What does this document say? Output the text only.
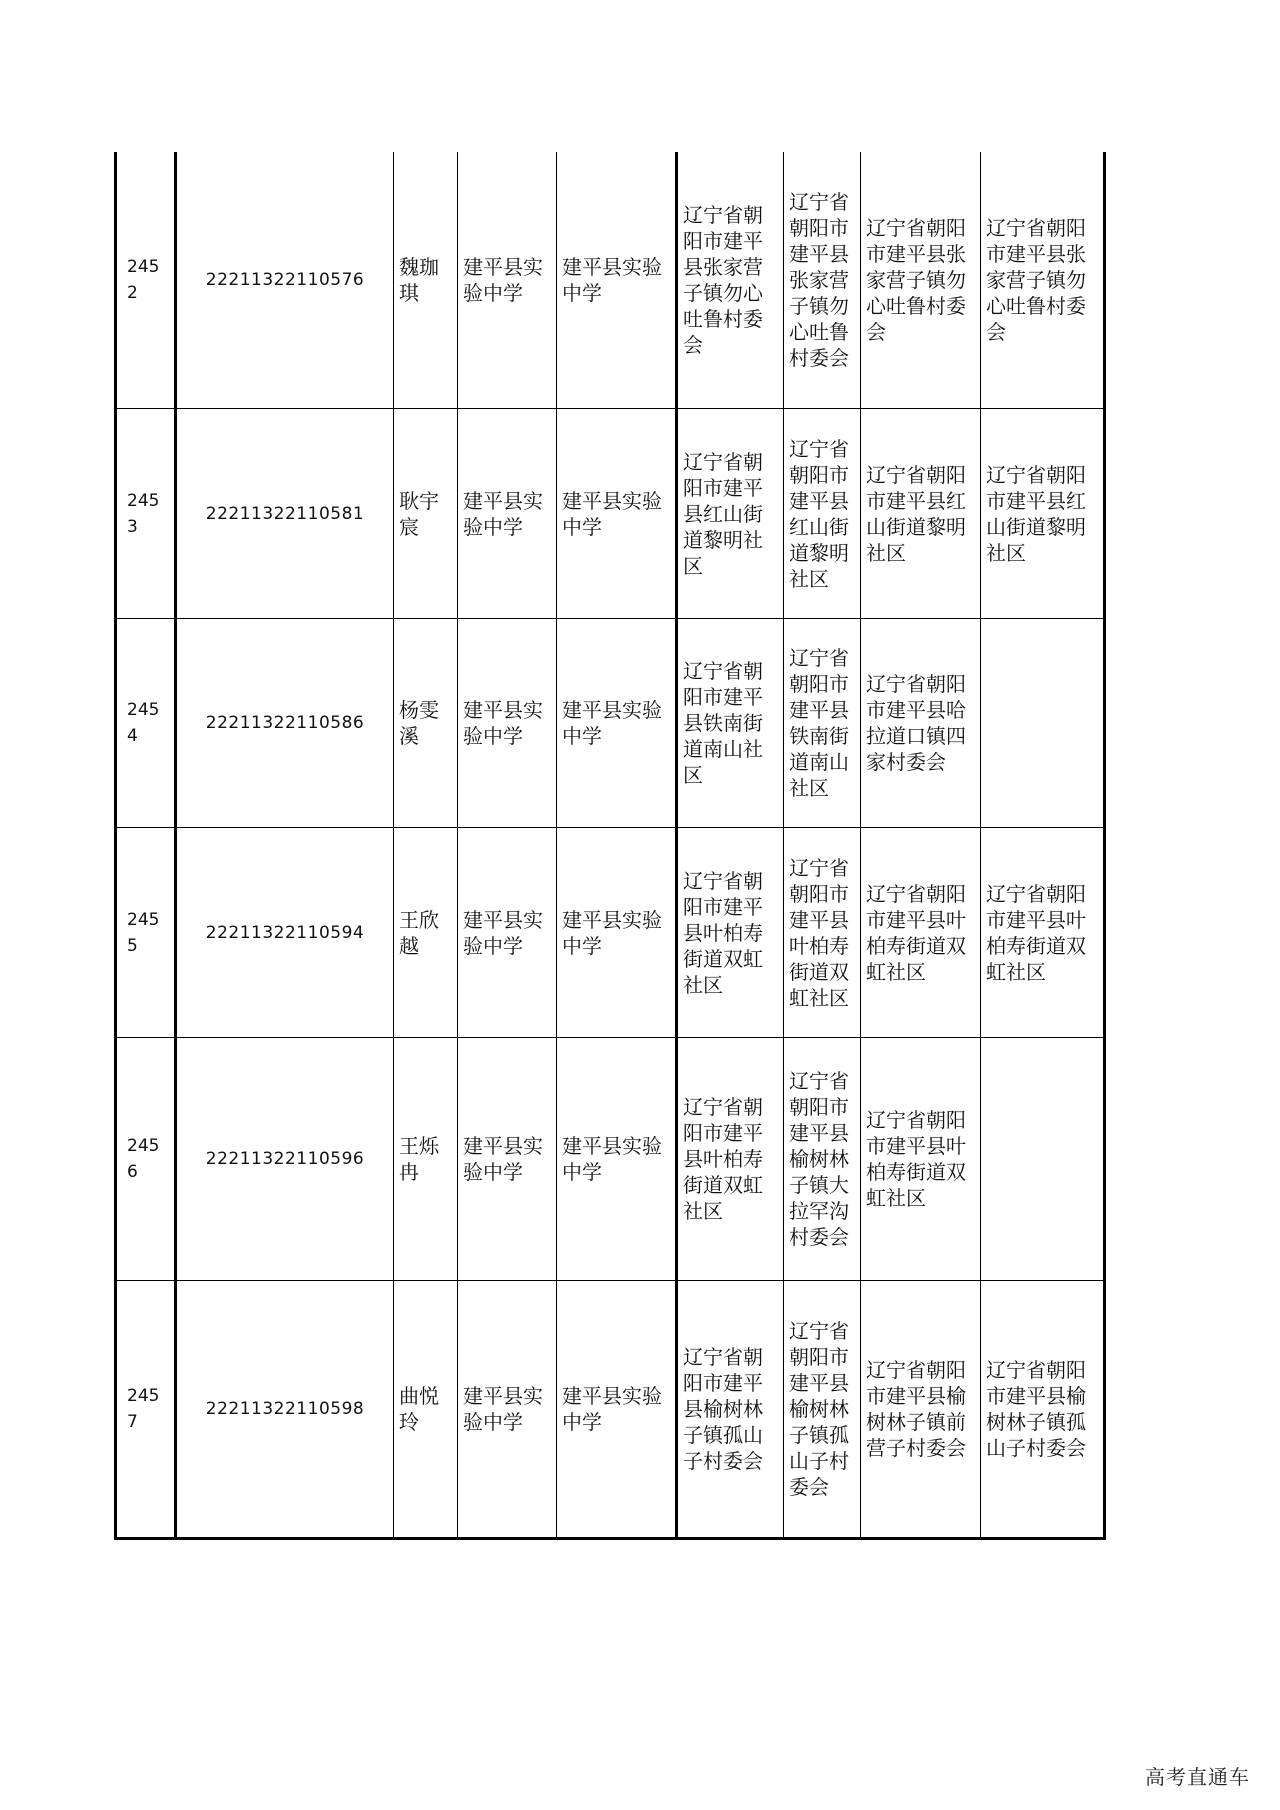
2452	22211322110576	魏珈琪	建平县实验中学	建平县实验中学	辽宁省朝阳市建平县张家营子镇勿心吐鲁村委会	辽宁省朝阳市建平县张家营子镇勿心吐鲁村委会	辽宁省朝阳市建平县张家营子镇勿心吐鲁村委会	辽宁省朝阳市建平县张家营子镇勿心吐鲁村委会
2453	22211322110581	耿宇宸	建平县实验中学	建平县实验中学	辽宁省朝阳市建平县红山街道黎明社区	辽宁省朝阳市建平县红山街道黎明社区	辽宁省朝阳市建平县红山街道黎明社区	辽宁省朝阳市建平县红山街道黎明社区
2454	22211322110586	杨雯溪	建平县实验中学	建平县实验中学	辽宁省朝阳市建平县铁南街道南山社区	辽宁省朝阳市建平县铁南街道南山社区	辽宁省朝阳市建平县哈拉道口镇四家村委会	
2455	22211322110594	王欣越	建平县实验中学	建平县实验中学	辽宁省朝阳市建平县叶柏寿街道双虹社区	辽宁省朝阳市建平县叶柏寿街道双虹社区	辽宁省朝阳市建平县叶柏寿街道双虹社区	辽宁省朝阳市建平县叶柏寿街道双虹社区
2456	22211322110596	王烁冉	建平县实验中学	建平县实验中学	辽宁省朝阳市建平县叶柏寿街道双虹社区	辽宁省朝阳市建平县榆树林子镇大拉罕沟村委会	辽宁省朝阳市建平县叶柏寿街道双虹社区	
2457	22211322110598	曲悦玲	建平县实验中学	建平县实验中学	辽宁省朝阳市建平县榆树林子镇孤山子村委会	辽宁省朝阳市建平县榆树林子镇孤山子村委会	辽宁省朝阳市建平县榆树林子镇前营子村委会	辽宁省朝阳市建平县榆树林子镇孤山子村委会
高考直通车
